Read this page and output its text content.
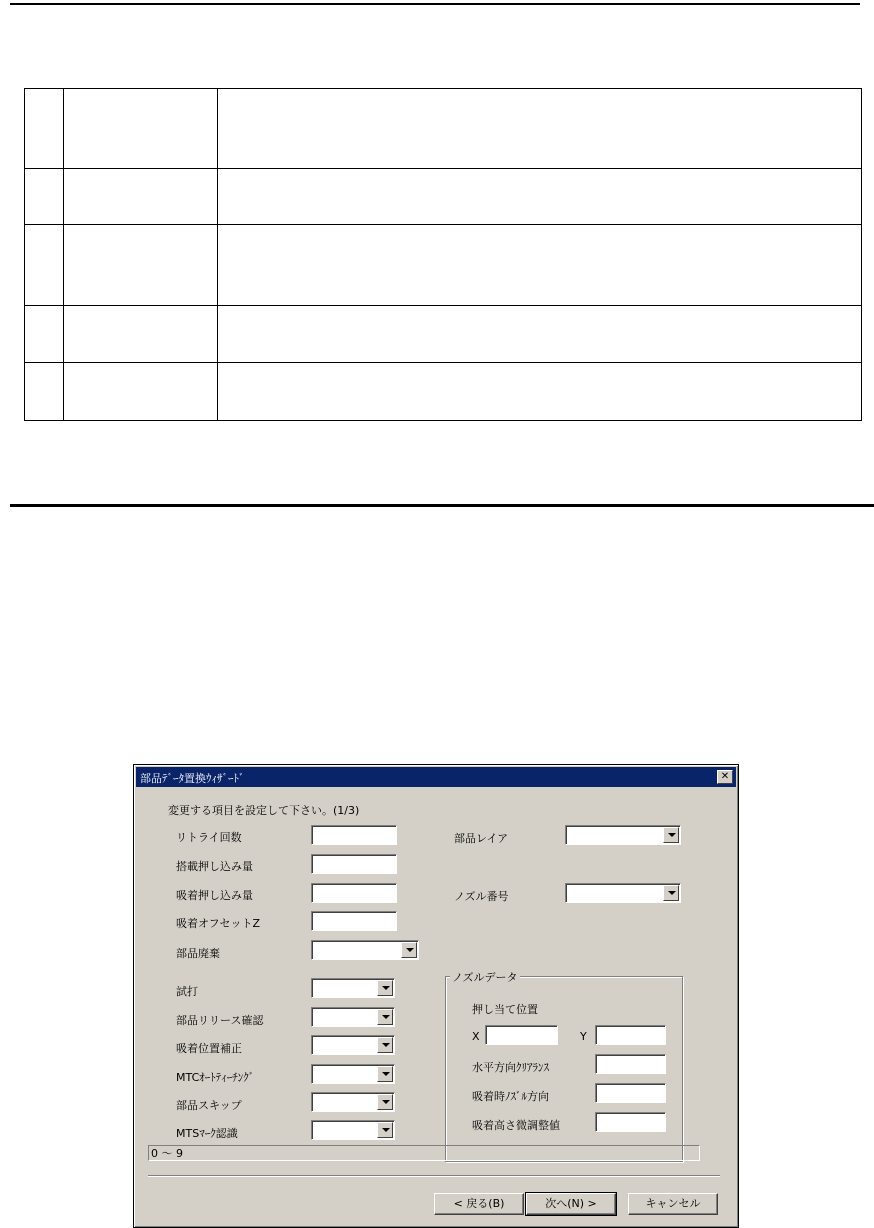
部品ﾃﾞｰﾀ置換ｳｨｻﾞｰﾄﾞ	✕
変更する項目を設定して下さい。(1/3)
リトライ回数
搭載押し込み量
吸着押し込み量
吸着オフセットZ
部品廃棄
試打
部品リリース確認
吸着位置補正
MTCｵｰﾄﾃｨｰﾁﾝｸﾞ
部品スキップ
MTSﾏｰｸ認識
部品レイア
ノズル番号
ノズルデータ
押し当て位置
X	Y
水平方向ｸﾘｱﾗﾝｽ
吸着時ﾉｽﾞﾙ方向
吸着高さ微調整値
0 ～ 9
< 戻る(B)	次へ(N) >	キャンセル
